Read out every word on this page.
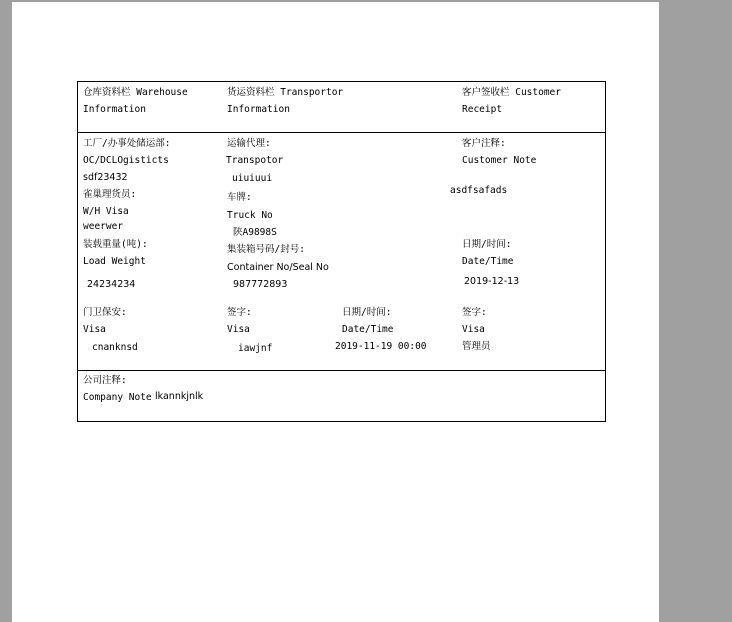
仓库资料栏 Warehouse
Information
货运资料栏 Transportor
Information
客户签收栏 Customer
Receipt
工厂/办事处储运部:
OC/DCLOgisticts
sdf23432
雀巢理货员:
W/H Visa
weerwer
装载重量(吨):
Load Weight
24234234
运输代理:
Transpotor
uiuiuui
车牌:
Truck No
陕A9898S
集装箱号码/封号:
Container No/Seal No
987772893
客户注释:
Customer Note
asdfsafads
日期/时间:
Date/Time
2019-12-13
门卫保安:
Visa
cnanknsd
签字:
Visa
iawjnf
日期/时间:
Date/Time
2019-11-19 00:00
签字:
Visa
管理员
公司注释:
Company Note lkannkjnlk
